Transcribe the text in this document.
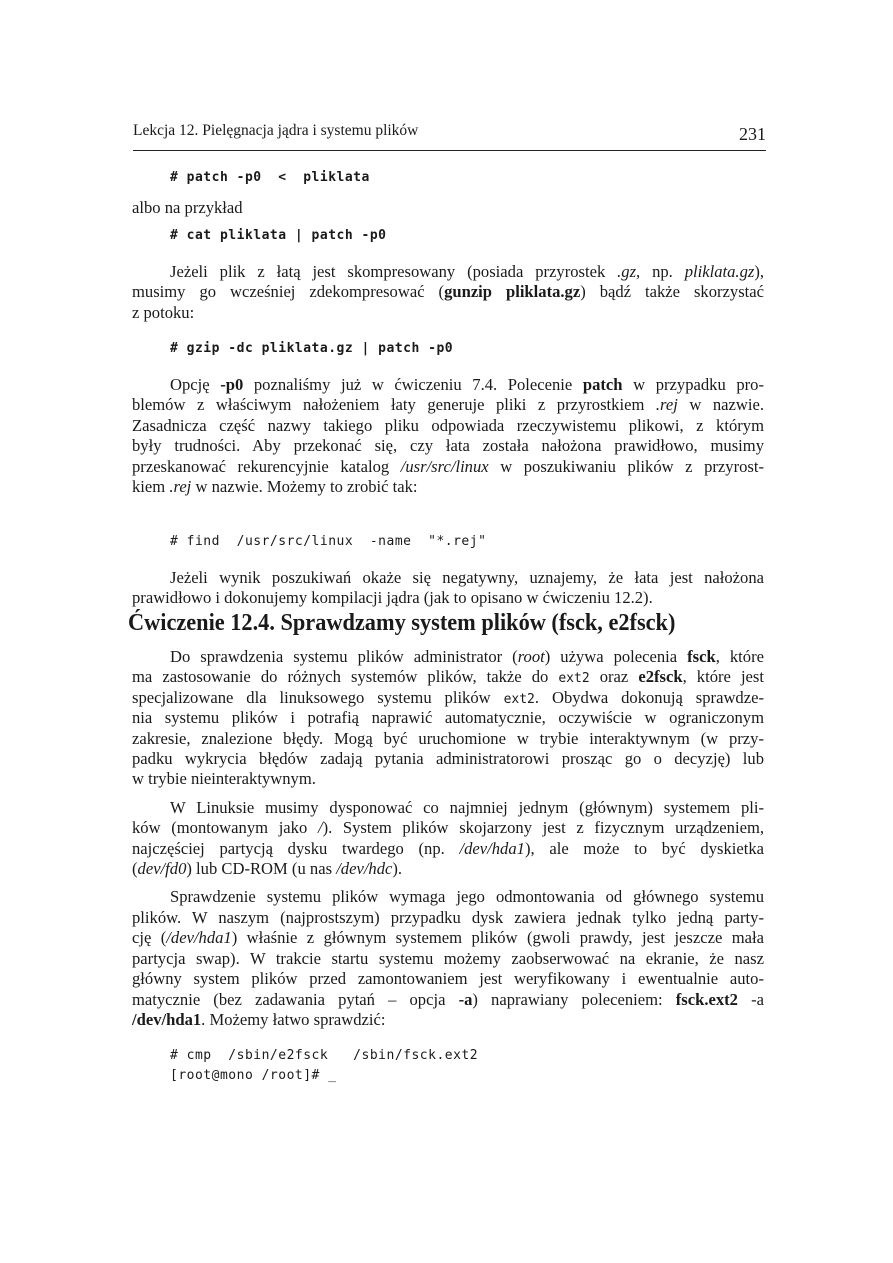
Lekcja 12. Pielęgnacja jądra i systemu plików	231
# patch -p0  <  pliklata
albo na przykład
# cat pliklata | patch -p0
Jeżeli plik z łatą jest skompresowany (posiada przyrostek .gz, np. pliklata.gz),
musimy go wcześniej zdekompresować (gunzip pliklata.gz) bądź także skorzystać
z potoku:
# gzip -dc pliklata.gz | patch -p0
Opcję -p0 poznaliśmy już w ćwiczeniu 7.4. Polecenie patch w przypadku pro-
blemów z właściwym nałożeniem łaty generuje pliki z przyrostkiem .rej w nazwie.
Zasadnicza część nazwy takiego pliku odpowiada rzeczywistemu plikowi, z którym
były trudności. Aby przekonać się, czy łata została nałożona prawidłowo, musimy
przeskanować rekurencyjnie katalog /usr/src/linux w poszukiwaniu plików z przyrost-
kiem .rej w nazwie. Możemy to zrobić tak:
# find  /usr/src/linux  -name  "*.rej"
Jeżeli wynik poszukiwań okaże się negatywny, uznajemy, że łata jest nałożona
prawidłowo i dokonujemy kompilacji jądra (jak to opisano w ćwiczeniu 12.2).
Ćwiczenie 12.4. Sprawdzamy system plików (fsck, e2fsck)
Do sprawdzenia systemu plików administrator (root) używa polecenia fsck, które
ma zastosowanie do różnych systemów plików, także do ext2 oraz e2fsck, które jest
specjalizowane dla linuksowego systemu plików ext2. Obydwa dokonują sprawdze-
nia systemu plików i potrafią naprawić automatycznie, oczywiście w ograniczonym
zakresie, znalezione błędy. Mogą być uruchomione w trybie interaktywnym (w przy-
padku wykrycia błędów zadają pytania administratorowi prosząc go o decyzję) lub
w trybie nieinteraktywnym.
W Linuksie musimy dysponować co najmniej jednym (głównym) systemem pli-
ków (montowanym jako /). System plików skojarzony jest z fizycznym urządzeniem,
najczęściej partycją dysku twardego (np. /dev/hda1), ale może to być dyskietka
(dev/fd0) lub CD-ROM (u nas /dev/hdc).
Sprawdzenie systemu plików wymaga jego odmontowania od głównego systemu
plików. W naszym (najprostszym) przypadku dysk zawiera jednak tylko jedną party-
cję (/dev/hda1) właśnie z głównym systemem plików (gwoli prawdy, jest jeszcze mała
partycja swap). W trakcie startu systemu możemy zaobserwować na ekranie, że nasz
główny system plików przed zamontowaniem jest weryfikowany i ewentualnie auto-
matycznie (bez zadawania pytań – opcja -a) naprawiany poleceniem: fsck.ext2 -a
/dev/hda1. Możemy łatwo sprawdzić:
# cmp  /sbin/e2fsck   /sbin/fsck.ext2
[root@mono /root]# _
